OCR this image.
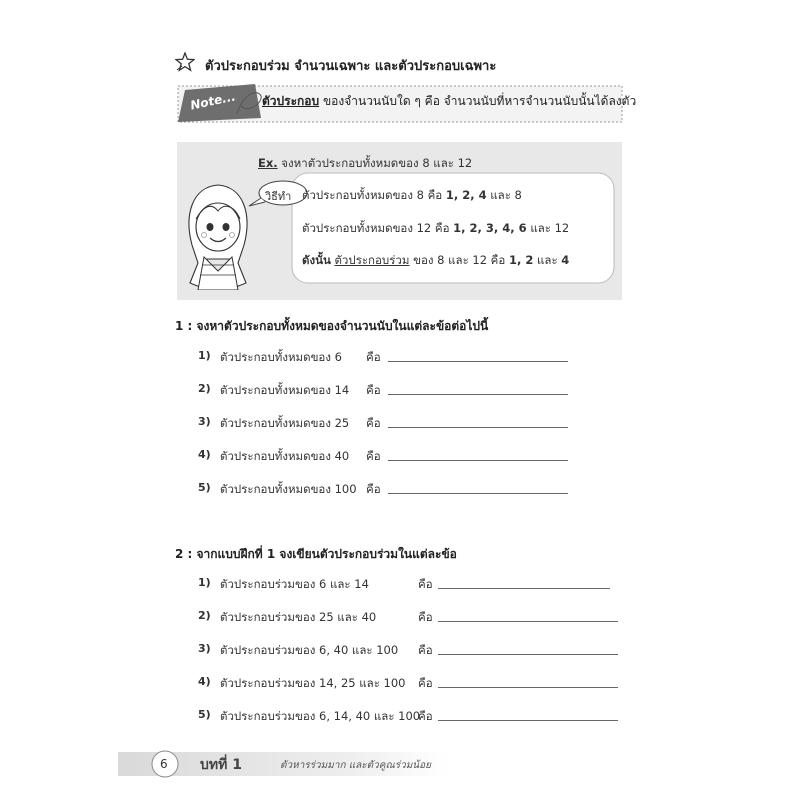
ตัวประกอบร่วม จำนวนเฉพาะ และตัวประกอบเฉพาะ
Note... ตัวประกอบ ของจำนวนนับใด ๆ คือ จำนวนนับที่หารจำนวนนับนั้นได้ลงตัว
Ex. จงหาตัวประกอบทั้งหมดของ 8 และ 12
วิธีทำ ตัวประกอบทั้งหมดของ 8 คือ 1, 2, 4 และ 8
ตัวประกอบทั้งหมดของ 12 คือ 1, 2, 3, 4, 6 และ 12
ดังนั้น ตัวประกอบร่วม ของ 8 และ 12 คือ 1, 2 และ 4
1 : จงหาตัวประกอบทั้งหมดของจำนวนนับในแต่ละข้อต่อไปนี้
1) ตัวประกอบทั้งหมดของ 6 คือ
2) ตัวประกอบทั้งหมดของ 14 คือ
3) ตัวประกอบทั้งหมดของ 25 คือ
4) ตัวประกอบทั้งหมดของ 40 คือ
5) ตัวประกอบทั้งหมดของ 100 คือ
2 : จากแบบฝึกที่ 1 จงเขียนตัวประกอบร่วมในแต่ละข้อ
1) ตัวประกอบร่วมของ 6 และ 14	คือ
2) ตัวประกอบร่วมของ 25 และ 40	คือ
3) ตัวประกอบร่วมของ 6, 40 และ 100 คือ
4) ตัวประกอบร่วมของ 14, 25 และ 100 คือ
5) ตัวประกอบร่วมของ 6, 14, 40 และ 100
คือ
6 บทที่ 1	ตัวหารร่วมมาก และตัวคูณร่วมน้อย
